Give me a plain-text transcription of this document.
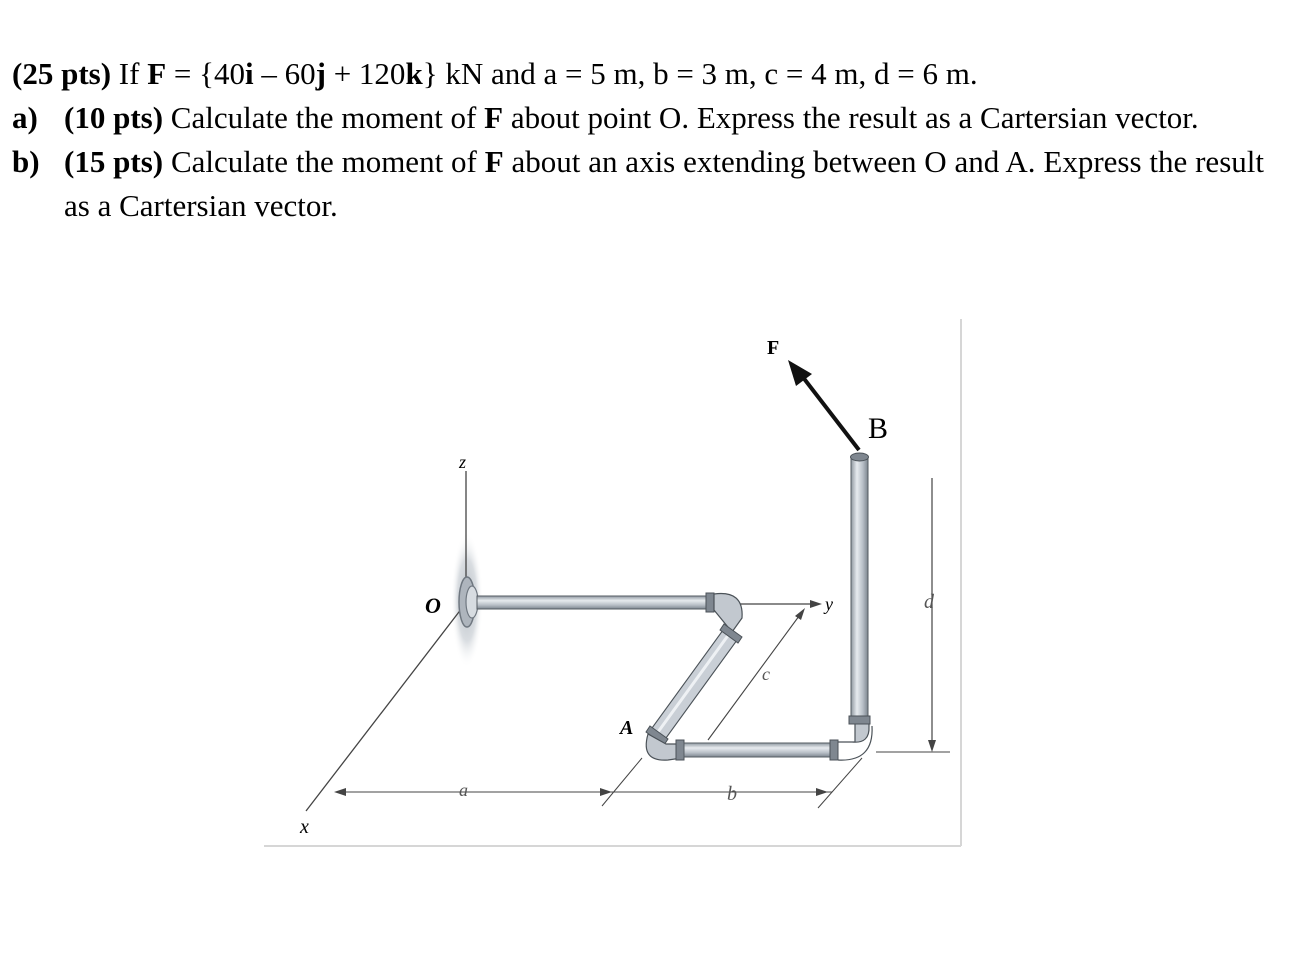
(25 pts) If F = {40i – 60j + 120k} kN and a = 5 m, b = 3 m, c = 4 m, d = 6 m.
a) (10 pts) Calculate the moment of F about point O. Express the result as a Cartersian vector.
b) (15 pts) Calculate the moment of F about an axis extending between O and A. Express the result as a Cartersian vector.
F
B
z
y
x
O
A
a	b
c
d
